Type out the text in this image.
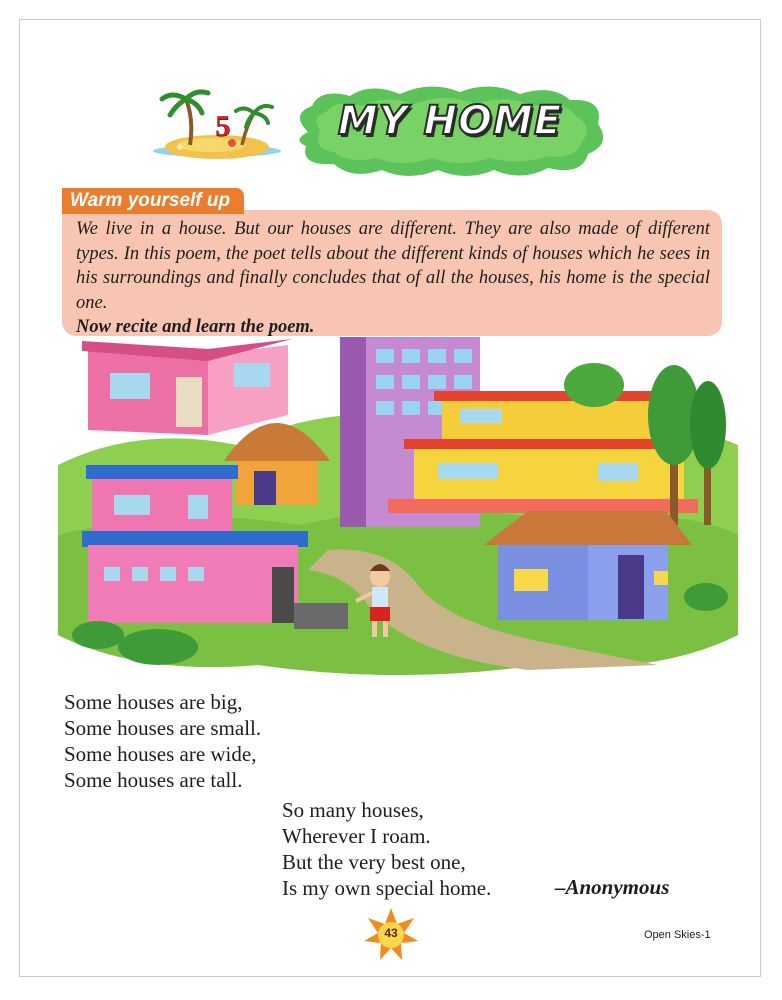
5	MY HOME

We live in a house. But our houses are different. They are also made of different types. In this poem, the poet tells about the different kinds of houses which he sees in his surroundings and finally concludes that of all the houses, his home is the special one.

Now recite and learn the poem.

Warm yourself up
Some houses are big,
Some houses are small.
Some houses are wide,
Some houses are tall.
So many houses,
Wherever I roam.
But the very best one,
Is my own special home.	–Anonymous
43	Open Skies-1
